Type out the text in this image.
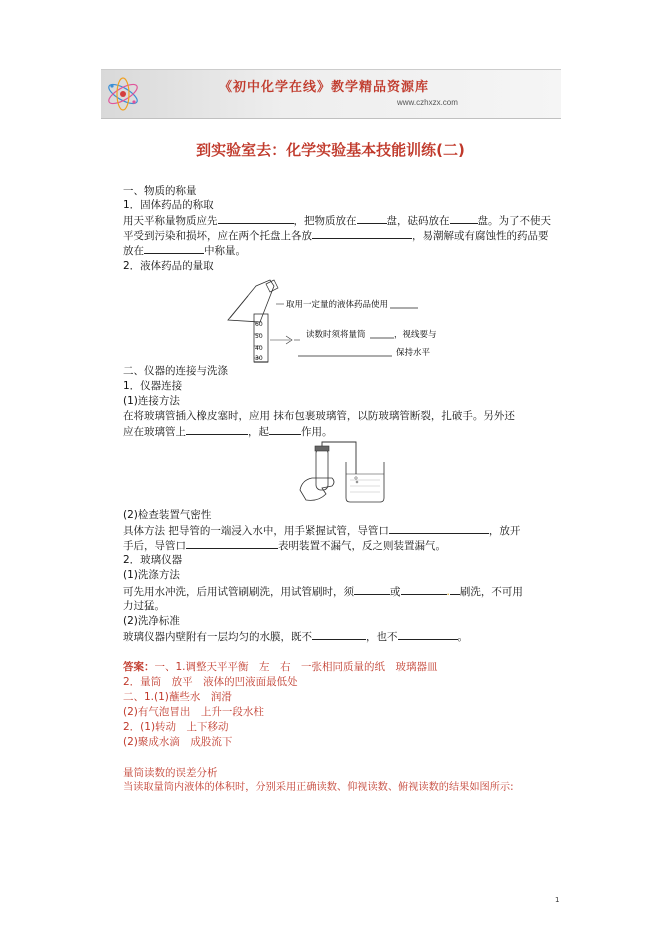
《初中化学在线》教学精品资源库
www.czhxzx.com
到实验室去：化学实验基本技能训练(二)
一、物质的称量
1．固体药品的称取
用天平称量物质应先	，把物质放在	盘，砝码放在	盘。为了不使天
平受到污染和损坏，应在两个托盘上各放	，易潮解或有腐蚀性的药品要
放在	中称量。
2．液体药品的量取
60
50
40
30
取用一定量的液体药品使用
读数时须将量筒	，视线要与
保持水平
二、仪器的连接与洗涤
1．仪器连接
(1)连接方法
在将玻璃管插入橡皮塞时，应用 抹布包裹玻璃管，以防玻璃管断裂，扎破手。另外还
应在玻璃管上	，起	作用。
(2)检查装置气密性
具体方法 把导管的一端浸入水中，用手紧握试管，导管口	，放开
手后，导管口	表明装置不漏气，反之则装置漏气。
2．玻璃仪器
(1)洗涤方法
可先用水冲洗，后用试管刷刷洗，用试管刷时，须	或	. 刷洗，不可用
力过猛。
(2)洗净标准
玻璃仪器内壁附有一层均匀的水膜，既不	，也不	。
答案：一、1.调整天平平衡　左　右　一张相同质量的纸　玻璃器皿
2．量筒　放平　液体的凹液面最低处
二、1.(1)蘸些水　润滑
(2)有气泡冒出　上升一段水柱
2．(1)转动　上下移动
(2)聚成水滴　成股流下
量筒读数的误差分析
当读取量筒内液体的体积时，分别采用正确读数、仰视读数、俯视读数的结果如图所示:
1
